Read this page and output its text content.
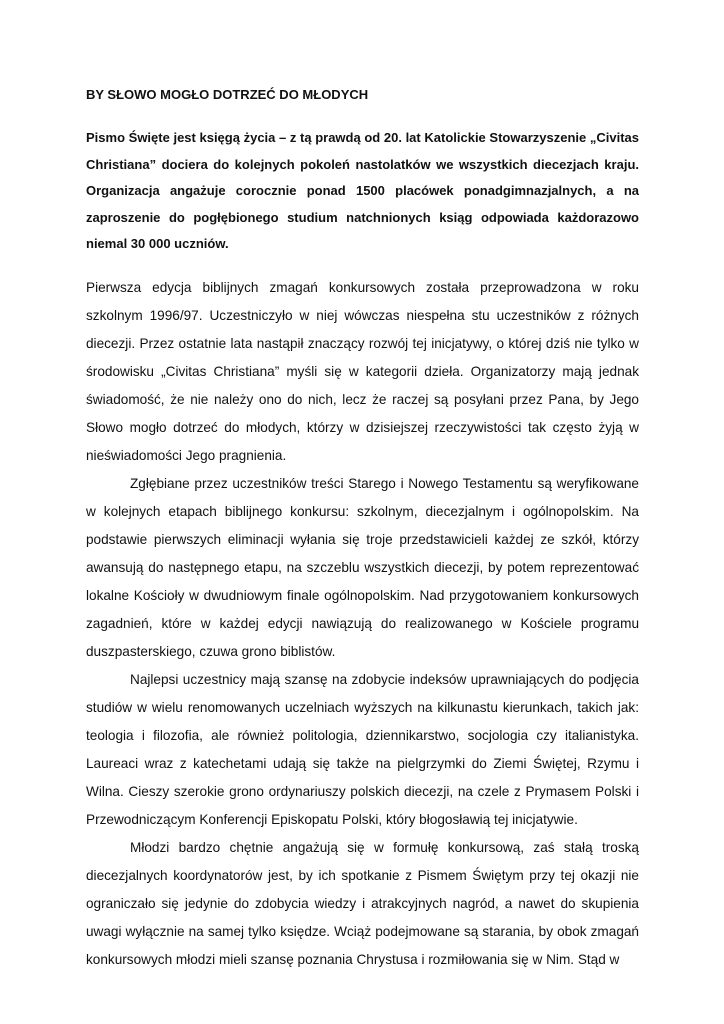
BY SŁOWO MOGŁO DOTRZEĆ DO MŁODYCH

Pismo Święte jest księgą życia – z tą prawdą od 20. lat Katolickie Stowarzyszenie „Civitas Christiana” dociera do kolejnych pokoleń nastolatków we wszystkich diecezjach kraju. Organizacja angażuje corocznie ponad 1500 placówek ponadgimnazjalnych, a na zaproszenie do pogłębionego studium natchnionych ksiąg odpowiada każdorazowo niemal 30 000 uczniów.

Pierwsza edycja biblijnych zmagań konkursowych została przeprowadzona w roku szkolnym 1996/97. Uczestniczyło w niej wówczas niespełna stu uczestników z różnych diecezji. Przez ostatnie lata nastąpił znaczący rozwój tej inicjatywy, o której dziś nie tylko w środowisku „Civitas Christiana” myśli się w kategorii dzieła. Organizatorzy mają jednak świadomość, że nie należy ono do nich, lecz że raczej są posyłani przez Pana, by Jego Słowo mogło dotrzeć do młodych, którzy w dzisiejszej rzeczywistości tak często żyją w nieświadomości Jego pragnienia.

Zgłębiane przez uczestników treści Starego i Nowego Testamentu są weryfikowane w kolejnych etapach biblijnego konkursu: szkolnym, diecezjalnym i ogólnopolskim. Na podstawie pierwszych eliminacji wyłania się troje przedstawicieli każdej ze szkół, którzy awansują do następnego etapu, na szczeblu wszystkich diecezji, by potem reprezentować lokalne Kościoły w dwudniowym finale ogólnopolskim. Nad przygotowaniem konkursowych zagadnień, które w każdej edycji nawiązują do realizowanego w Kościele programu duszpasterskiego, czuwa grono biblistów.

Najlepsi uczestnicy mają szansę na zdobycie indeksów uprawniających do podjęcia studiów w wielu renomowanych uczelniach wyższych na kilkunastu kierunkach, takich jak: teologia i filozofia, ale również politologia, dziennikarstwo, socjologia czy italianistyka. Laureaci wraz z katechetami udają się także na pielgrzymki do Ziemi Świętej, Rzymu i Wilna. Cieszy szerokie grono ordynariuszy polskich diecezji, na czele z Prymasem Polski i Przewodniczącym Konferencji Episkopatu Polski, który błogosławią tej inicjatywie.

Młodzi bardzo chętnie angażują się w formułę konkursową, zaś stałą troską diecezjalnych koordynatorów jest, by ich spotkanie z Pismem Świętym przy tej okazji nie ograniczało się jedynie do zdobycia wiedzy i atrakcyjnych nagród, a nawet do skupienia uwagi wyłącznie na samej tylko księdze. Wciąż podejmowane są starania, by obok zmagań konkursowych młodzi mieli szansę poznania Chrystusa i rozmiłowania się w Nim. Stąd w
